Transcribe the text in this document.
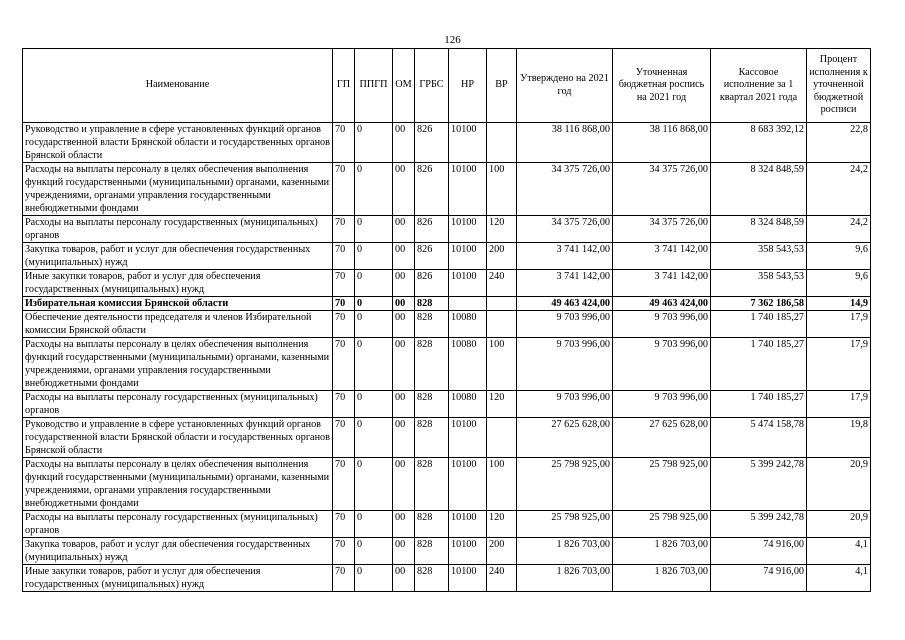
126
Наименование	ГП	ППГП	ОМ	ГРБС	НР	ВР	Утверждено на 2021 год	Уточненная бюджетная роспись на 2021 год	Кассовое исполнение за 1 квартал 2021 года	Процент исполнения к уточненной бюджетной росписи
Руководство и управление в сфере установленных функций органов государственной власти Брянской области и государственных органов Брянской области	70	0	00	826	10100		38 116 868,00	38 116 868,00	8 683 392,12	22,8
Расходы на выплаты персоналу в целях обеспечения выполнения функций государственными (муниципальными) органами, казенными учреждениями, органами управления государственными внебюджетными фондами	70	0	00	826	10100	100	34 375 726,00	34 375 726,00	8 324 848,59	24,2
Расходы на выплаты персоналу государственных (муниципальных) органов	70	0	00	826	10100	120	34 375 726,00	34 375 726,00	8 324 848,59	24,2
Закупка товаров, работ и услуг для обеспечения государственных (муниципальных) нужд	70	0	00	826	10100	200	3 741 142,00	3 741 142,00	358 543,53	9,6
Иные закупки товаров, работ и услуг для обеспечения государственных (муниципальных) нужд	70	0	00	826	10100	240	3 741 142,00	3 741 142,00	358 543,53	9,6
Избирательная комиссия Брянской области	70	0	00	828			49 463 424,00	49 463 424,00	7 362 186,58	14,9
Обеспечение деятельности председателя и членов Избирательной комиссии Брянской области	70	0	00	828	10080		9 703 996,00	9 703 996,00	1 740 185,27	17,9
Расходы на выплаты персоналу в целях обеспечения выполнения функций государственными (муниципальными) органами, казенными учреждениями, органами управления государственными внебюджетными фондами	70	0	00	828	10080	100	9 703 996,00	9 703 996,00	1 740 185,27	17,9
Расходы на выплаты персоналу государственных (муниципальных) органов	70	0	00	828	10080	120	9 703 996,00	9 703 996,00	1 740 185,27	17,9
Руководство и управление в сфере установленных функций органов государственной власти Брянской области и государственных органов Брянской области	70	0	00	828	10100		27 625 628,00	27 625 628,00	5 474 158,78	19,8
Расходы на выплаты персоналу в целях обеспечения выполнения функций государственными (муниципальными) органами, казенными учреждениями, органами управления государственными внебюджетными фондами	70	0	00	828	10100	100	25 798 925,00	25 798 925,00	5 399 242,78	20,9
Расходы на выплаты персоналу государственных (муниципальных) органов	70	0	00	828	10100	120	25 798 925,00	25 798 925,00	5 399 242,78	20,9
Закупка товаров, работ и услуг для обеспечения государственных (муниципальных) нужд	70	0	00	828	10100	200	1 826 703,00	1 826 703,00	74 916,00	4,1
Иные закупки товаров, работ и услуг для обеспечения государственных (муниципальных) нужд	70	0	00	828	10100	240	1 826 703,00	1 826 703,00	74 916,00	4,1
